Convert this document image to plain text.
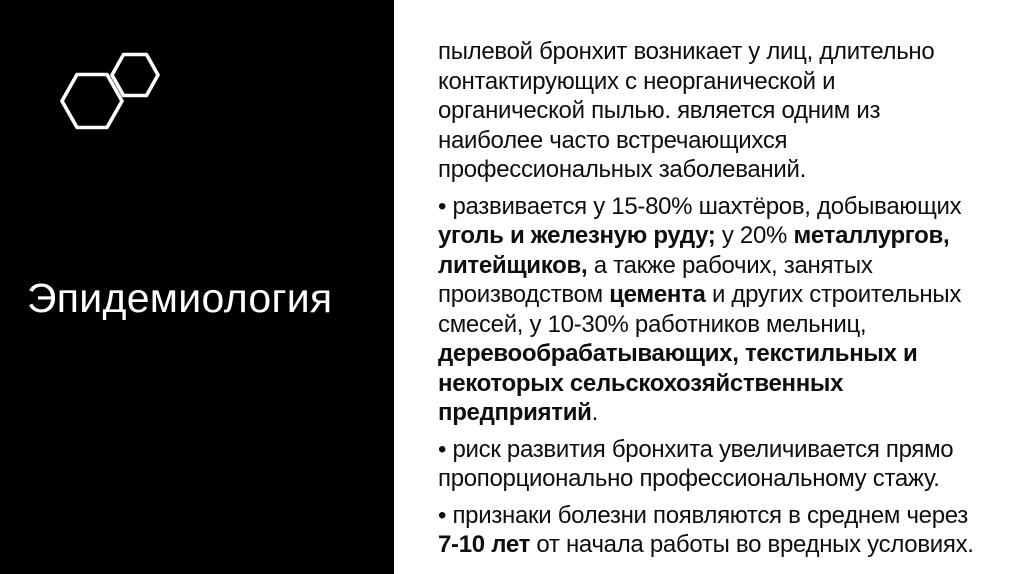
Эпидемиология
пылевой бронхит возникает у лиц, длительно
контактирующих с неорганической и
органической пылью. является одним из
наиболее часто встречающихся
профессиональных заболеваний.
• развивается у 15-80% шахтёров, добывающих
уголь и железную руду; у 20% металлургов,
литейщиков, а также рабочих, занятых
производством цемента и других строительных
смесей, у 10-30% работников мельниц,
деревообрабатывающих, текстильных и
некоторых сельскохозяйственных
предприятий.
• риск развития бронхита увеличивается прямо
пропорционально профессиональному стажу.
• признаки болезни появляются в среднем через
7-10 лет от начала работы во вредных условиях.
